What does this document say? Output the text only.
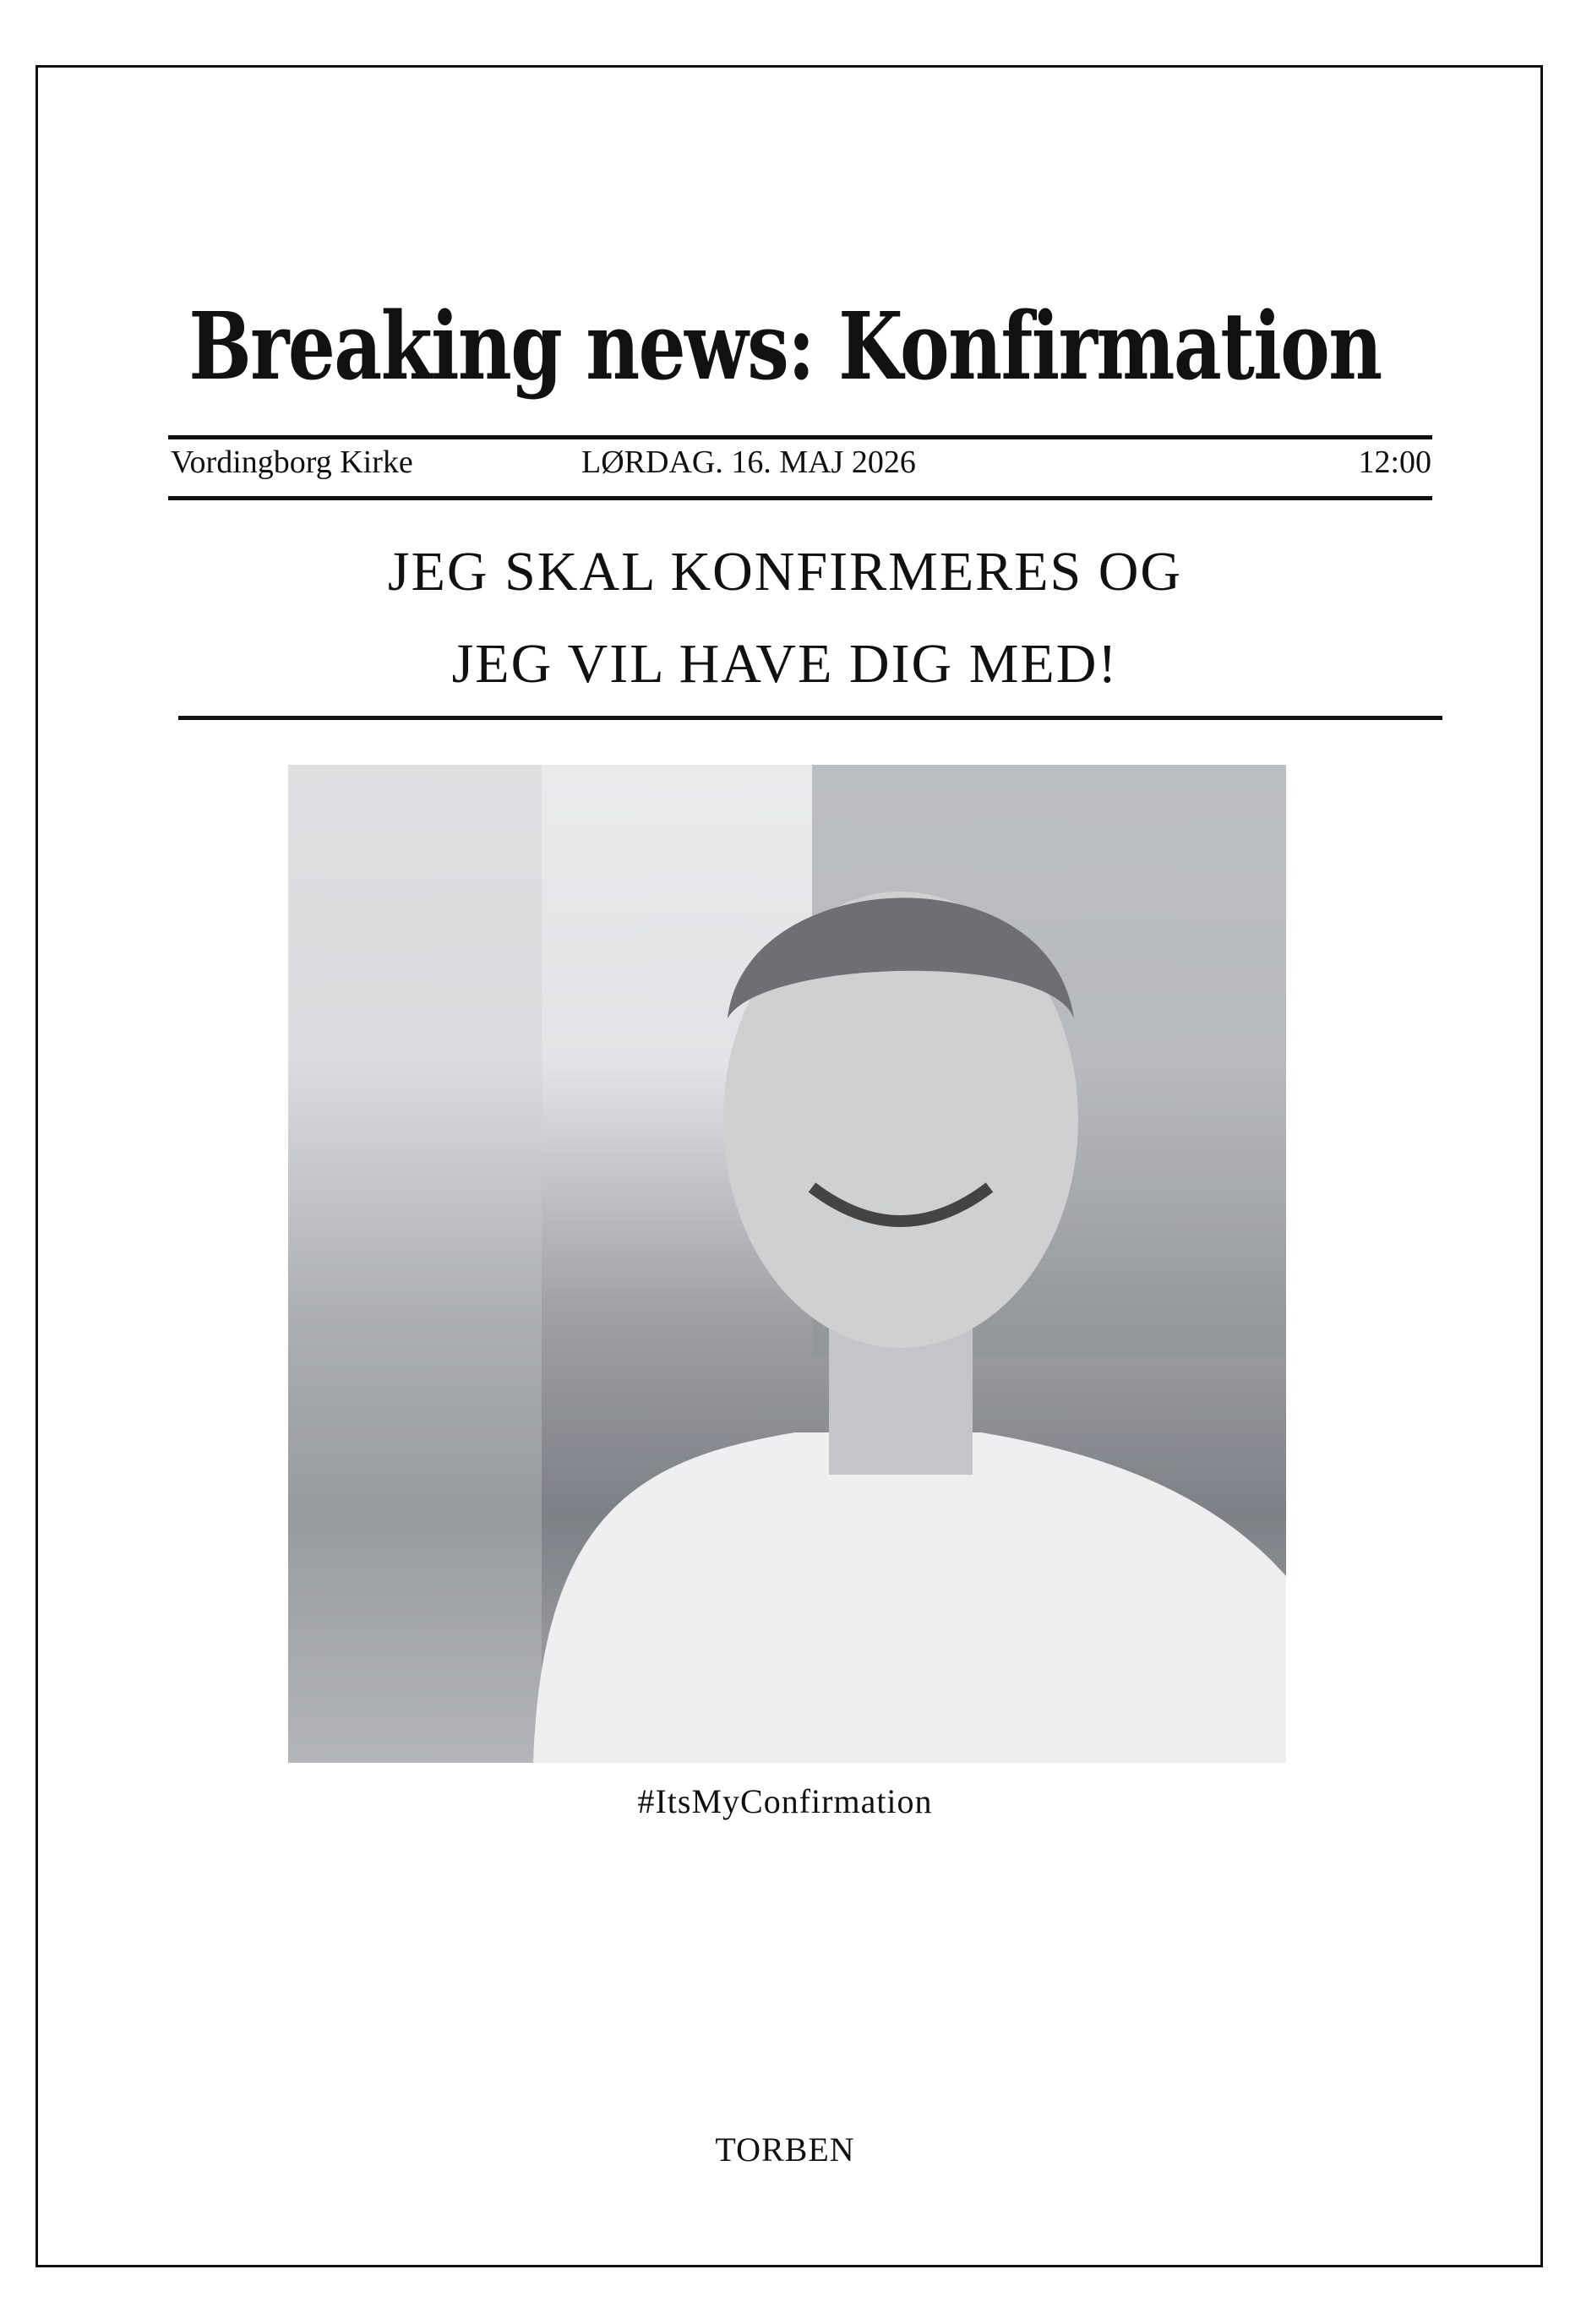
Breaking news: Konfirmation
Vordingborg Kirke	LØRDAG. 16. MAJ 2026	12:00
JEG SKAL KONFIRMERES OG
JEG VIL HAVE DIG MED!
#ItsMyConfirmation
TORBEN
